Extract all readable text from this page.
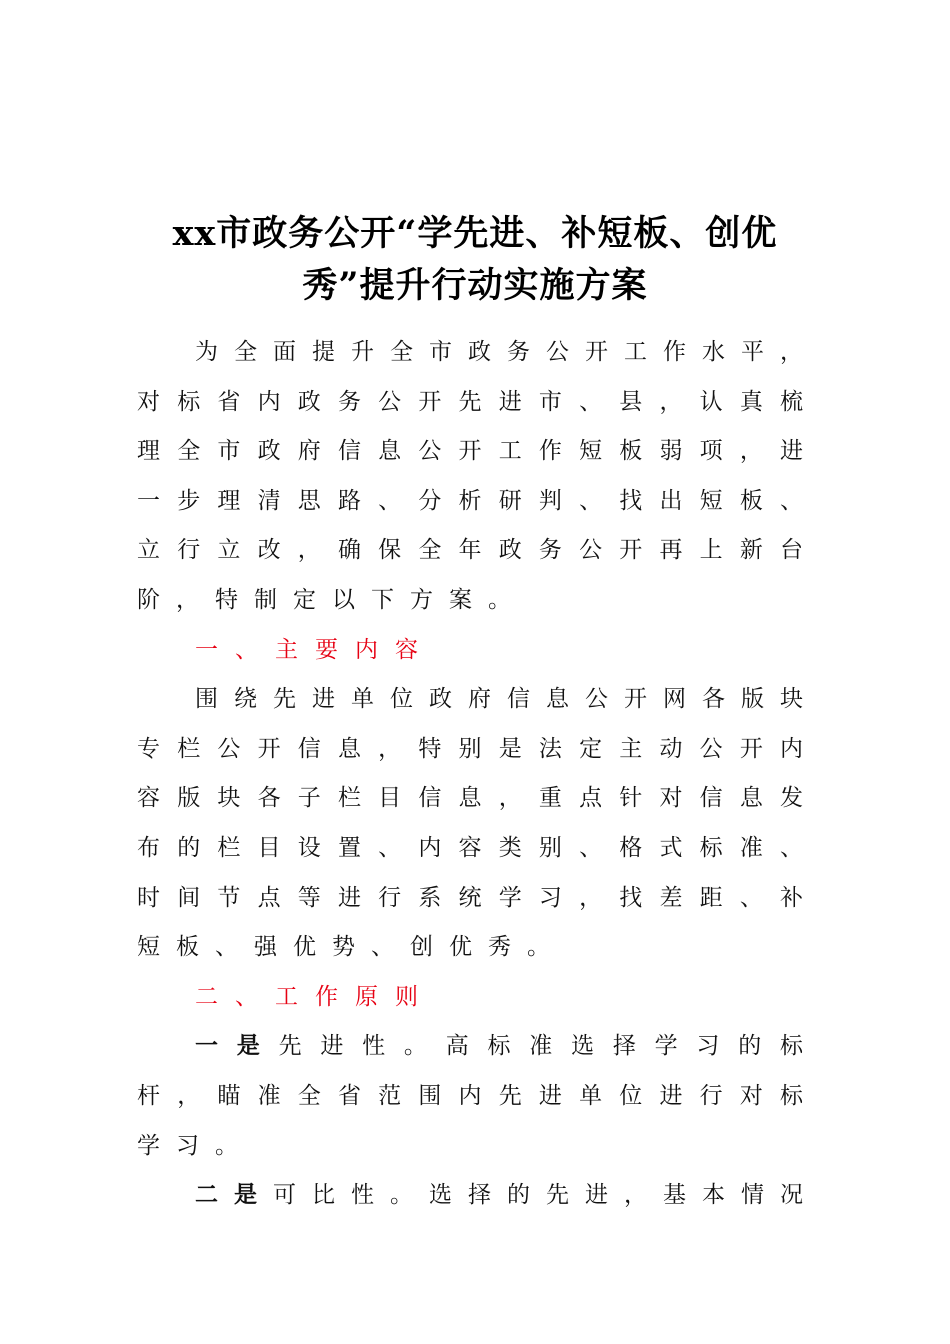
xx市政务公开“学先进、补短板、创优
秀”提升行动实施方案

为全面提升全市政务公开工作水平，对标省内政务公开先进市、县，认真梳理全市政府信息公开工作短板弱项，进一步理清思路、分析研判、找出短板、立行立改，确保全年政务公开再上新台阶，特制定以下方案。

一、主要内容

围绕先进单位政府信息公开网各版块专栏公开信息，特别是法定主动公开内容版块各子栏目信息，重点针对信息发布的栏目设置、内容类别、格式标准、时间节点等进行系统学习，找差距、补短板、强优势、创优秀。

二、工作原则

一是先进性。高标准选择学习的标杆，瞄准全省范围内先进单位进行对标学习。

二是可比性。选择的先进，基本情况
